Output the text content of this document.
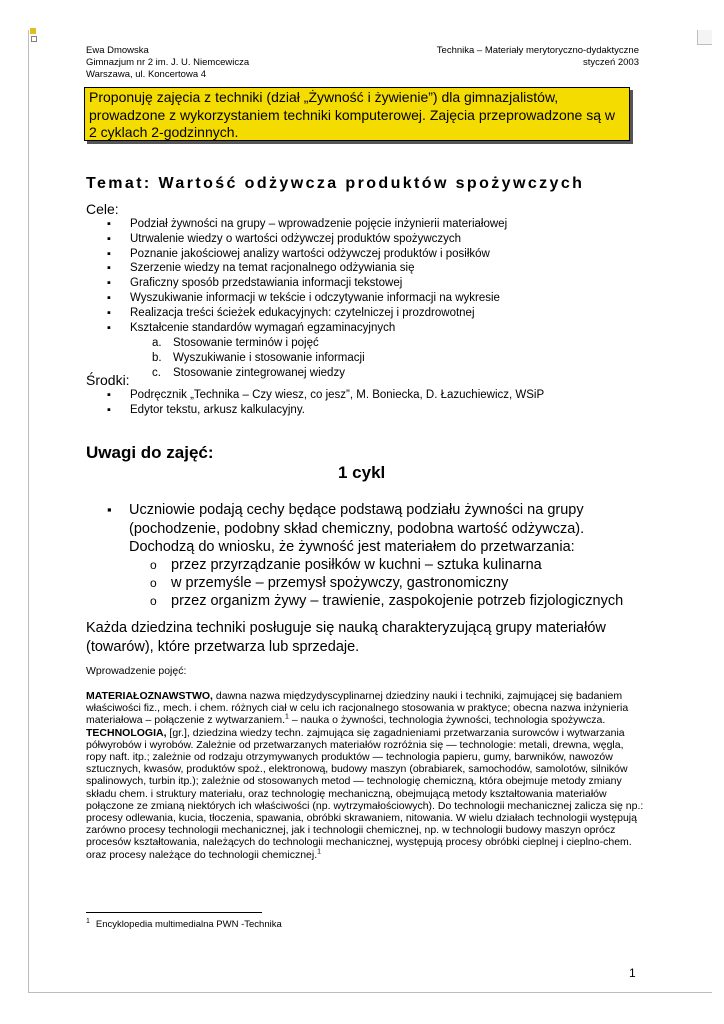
Ewa Dmowska
Gimnazjum nr 2 im. J. U. Niemcewicza
Warszawa, ul. Koncertowa 4
Technika – Materiały merytoryczno-dydaktyczne
styczeń 2003
Proponuję zajęcia z techniki (dział „Żywność i żywienie”) dla gimnazjalistów, prowadzone z wykorzystaniem techniki komputerowej. Zajęcia przeprowadzone są w 2 cyklach 2-godzinnych.
Temat: Wartość odżywcza produktów spożywczych
Cele:
▪ Podział żywności na grupy – wprowadzenie pojęcie inżynierii materiałowej
▪ Utrwalenie wiedzy o wartości odżywczej produktów spożywczych
▪ Poznanie jakościowej analizy wartości odżywczej produktów i posiłków
▪ Szerzenie wiedzy na temat racjonalnego odżywiania się
▪ Graficzny sposób przedstawiania informacji tekstowej
▪ Wyszukiwanie informacji w tekście i odczytywanie informacji na wykresie
▪ Realizacja treści ścieżek edukacyjnych: czytelniczej i prozdrowotnej
▪ Kształcenie standardów wymagań egzaminacyjnych
a. Stosowanie terminów i pojęć
b. Wyszukiwanie i stosowanie informacji
c. Stosowanie zintegrowanej wiedzy
Środki:
▪ Podręcznik „Technika – Czy wiesz, co jesz”, M. Boniecka, D. Łazuchiewicz, WSiP
▪ Edytor tekstu, arkusz kalkulacyjny.
Uwagi do zajęć:
1 cykl
▪ Uczniowie podają cechy będące podstawą podziału żywności na grupy (pochodzenie, podobny skład chemiczny, podobna wartość odżywcza). Dochodzą do wniosku, że żywność jest materiałem do przetwarzania:
o przez przyrządzanie posiłków w kuchni – sztuka kulinarna
o w przemyśle – przemysł spożywczy, gastronomiczny
o przez organizm żywy – trawienie, zaspokojenie potrzeb fizjologicznych
Każda dziedzina techniki posługuje się nauką charakteryzującą grupy materiałów (towarów), które przetwarza lub sprzedaje.
Wprowadzenie pojęć:

MATERIAŁOZNAWSTWO, dawna nazwa międzydyscyplinarnej dziedziny nauki i techniki, zajmującej się badaniem właściwości fiz., mech. i chem. różnych ciał w celu ich racjonalnego stosowania w praktyce; obecna nazwa inżynieria materiałowa – połączenie z wytwarzaniem.$^1$ – nauka o żywności, technologia żywności, technologia spożywcza.

TECHNOLOGIA, [gr.], dziedzina wiedzy techn. zajmująca się zagadnieniami przetwarzania surowców i wytwarzania półwyrobów i wyrobów. Zależnie od przetwarzanych materiałów rozróżnia się — technologie: metali, drewna, węgla, ropy naft. itp.; zależnie od rodzaju otrzymywanych produktów — technologia papieru, gumy, barwników, nawozów sztucznych, kwasów, produktów spoż., elektronową, budowy maszyn (obrabiarek, samochodów, samolotów, silników spalinowych, turbin itp.); zależnie od stosowanych metod — technologię chemiczną, która obejmuje metody zmiany składu chem. i struktury materiału, oraz technologię mechaniczną, obejmującą metody kształtowania materiałów połączone ze zmianą niektórych ich właściwości (np. wytrzymałościowych). Do technologii mechanicznej zalicza się np.: procesy odlewania, kucia, tłoczenia, spawania, obróbki skrawaniem, nitowania. W wielu działach technologii występują zarówno procesy technologii mechanicznej, jak i technologii chemicznej, np. w technologii budowy maszyn oprócz procesów kształtowania, należących do technologii mechanicznej, występują procesy obróbki cieplnej i cieplno-chem. oraz procesy należące do technologii chemicznej.$^1$

$^1$ Encyklopedia multimedialna PWN -Technika
1
